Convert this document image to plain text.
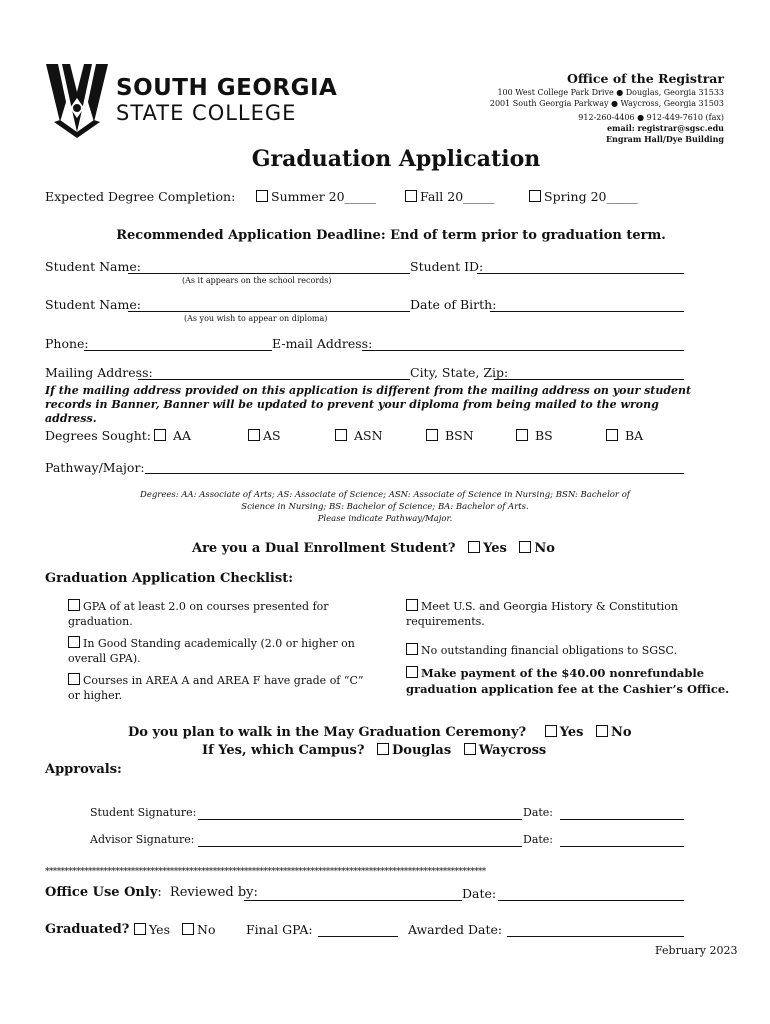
SOUTH GEORGIA
STATE COLLEGE
Office of the Registrar
100 West College Park Drive ● Douglas, Georgia 31533
2001 South Georgia Parkway ● Waycross, Georgia 31503
912-260-4406 ● 912-449-7610 (fax)
email: registrar@sgsc.edu
Engram Hall/Dye Building
Graduation Application
Expected Degree Completion:	Summer 20_____	Fall 20_____	Spring 20_____
Recommended Application Deadline: End of term prior to graduation term.
Student Name:
(As it appears on the school records)
Student ID:
Student Name:
(As you wish to appear on diploma)
Date of Birth:
Phone:	E-mail Address:
Mailing Address:	City, State, Zip:
If the mailing address provided on this application is different from the mailing address on your student records in Banner, Banner will be updated to prevent your diploma from being mailed to the wrong address.
Degrees Sought:	AA	AS	ASN	BSN	BS	BA
Pathway/Major:
Degrees: AA: Associate of Arts; AS: Associate of Science; ASN: Associate of Science in Nursing; BSN: Bachelor of
Science in Nursing; BS: Bachelor of Science; BA: Bachelor of Arts.
Please indicate Pathway/Major.
Are you a Dual Enrollment Student? Yes No
Graduation Application Checklist:
GPA of at least 2.0 on courses presented for graduation.
In Good Standing academically (2.0 or higher on overall GPA).
Courses in AREA A and AREA F have grade of “C” or higher.
Meet U.S. and Georgia History & Constitution requirements.
No outstanding financial obligations to SGSC.
Make payment of the $40.00 nonrefundable graduation application fee at the Cashier’s Office.
Do you plan to walk in the May Graduation Ceremony?	Yes No
If Yes, which Campus? Douglas Waycross
Approvals:
Student Signature:	Date:
Advisor Signature:	Date:
*****************************************************************************************************************
Office Use Only: Reviewed by:	Date:
Graduated?	Yes	No Final GPA:	Awarded Date:
February 2023
